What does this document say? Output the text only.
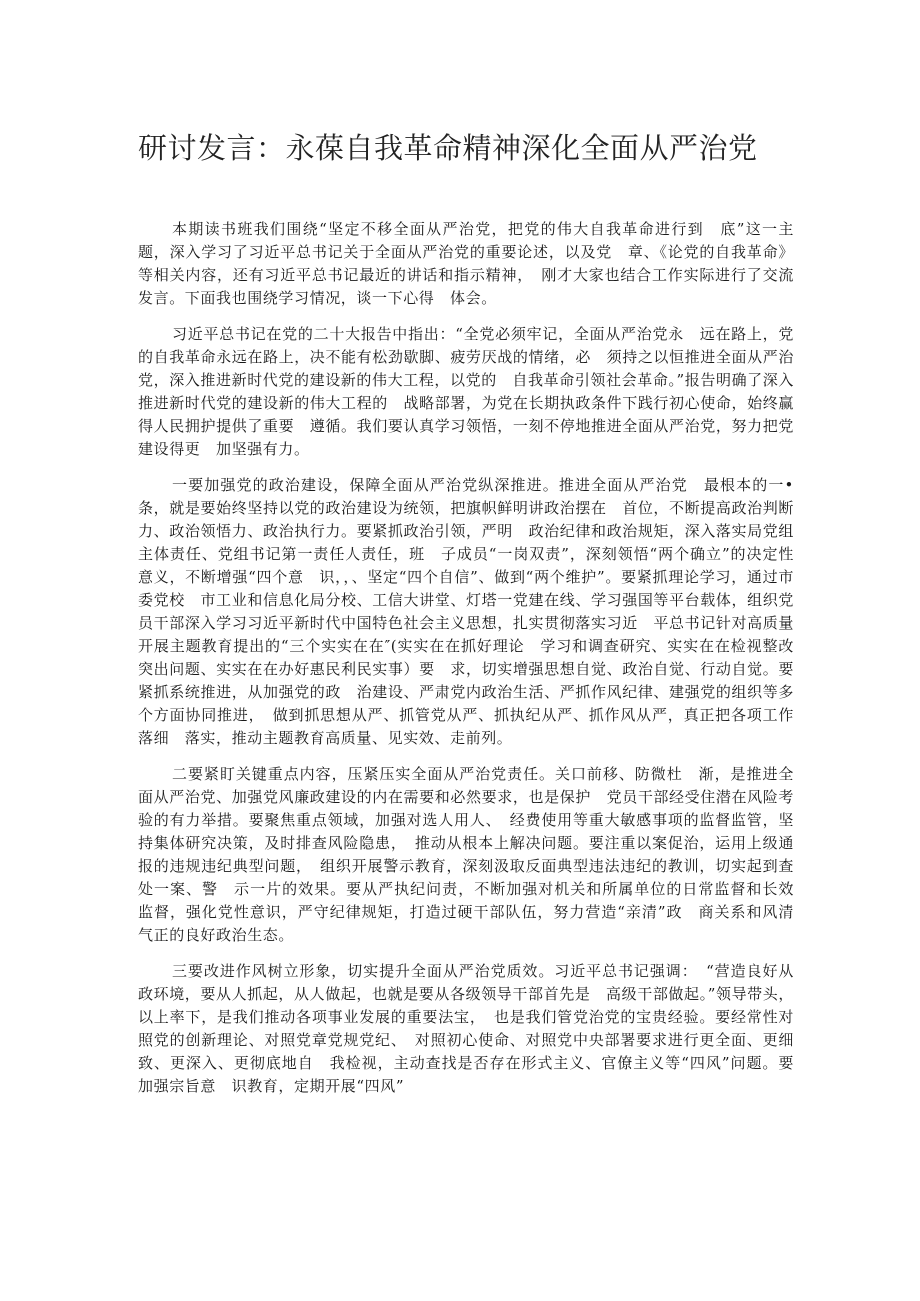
研讨发言：永葆自我革命精神深化全面从严治党

本期读书班我们围绕“坚定不移全面从严治党，把党的伟大自我革命进行到　底”这一主题，深入学习了习近平总书记关于全面从严治党的重要论述，以及党　章、《论党的自我革命》等相关内容，还有习近平总书记最近的讲话和指示精神，　刚才大家也结合工作实际进行了交流发言。下面我也围绕学习情况，谈一下心得　体会。

习近平总书记在党的二十大报告中指出：“全党必须牢记，全面从严治党永　远在路上，党的自我革命永远在路上，决不能有松劲歇脚、疲劳厌战的情绪，必　须持之以恒推进全面从严治党，深入推进新时代党的建设新的伟大工程，以党的　自我革命引领社会革命。”报告明确了深入推进新时代党的建设新的伟大工程的　战略部署，为党在长期执政条件下践行初心使命，始终赢得人民拥护提供了重要　遵循。我们要认真学习领悟，一刻不停地推进全面从严治党，努力把党建设得更　加坚强有力。

一要加强党的政治建设，保障全面从严治党纵深推进。推进全面从严治党　最根本的一•条，就是要始终坚持以党的政治建设为统领，把旗帜鲜明讲政治摆在　首位，不断提高政治判断力、政治领悟力、政治执行力。要紧抓政治引领，严明　政治纪律和政治规矩，深入落实局党组主体责任、党组书记第一责任人责任，班　子成员“一岗双责”，深刻领悟“两个确立”的决定性意义，不断增强“四个意　识，，、坚定“四个自信”、做到“两个维护”。要紧抓理论学习，通过市委党校　市工业和信息化局分校、工信大讲堂、灯塔一党建在线、学习强国等平台载体，组织党员干部深入学习习近平新时代中国特色社会主义思想，扎实贯彻落实习近　平总书记针对高质量开展主题教育提出的“三个实实在在″(实实在在抓好理论　学习和调查研究、实实在在检视整改突出问题、实实在在办好惠民利民实事）要　求，切实增强思想自觉、政治自觉、行动自觉。要紧抓系统推进，从加强党的政　治建设、严肃党内政治生活、严抓作风纪律、建强党的组织等多个方面协同推进，　做到抓思想从严、抓管党从严、抓执纪从严、抓作风从严，真正把各项工作落细　落实，推动主题教育高质量、见实效、走前列。

二要紧盯关键重点内容，压紧压实全面从严治党责任。关口前移、防微杜　渐，是推进全面从严治党、加强党风廉政建设的内在需要和必然要求，也是保护　党员干部经受住潜在风险考验的有力举措。要聚焦重点领域，加强对选人用人、　经费使用等重大敏感事项的监督监管，坚持集体研究决策，及时排查风险隐患，　推动从根本上解决问题。要注重以案促治，运用上级通报的违规违纪典型问题，　组织开展警示教育，深刻汲取反面典型违法违纪的教训，切实起到查处一案、警　示一片的效果。要从严执纪问责，不断加强对机关和所属单位的日常监督和长效　监督，强化党性意识，严守纪律规矩，打造过硬干部队伍，努力营造“亲清”政　商关系和风清气正的良好政治生态。

三要改进作风树立形象，切实提升全面从严治党质效。习近平总书记强调：　“营造良好从政环境，要从人抓起，从人做起，也就是要从各级领导干部首先是　高级干部做起。”领导带头，以上率下，是我们推动各项事业发展的重要法宝，　也是我们管党治党的宝贵经验。要经常性对照党的创新理论、对照党章党规党纪、　对照初心使命、对照党中央部署要求进行更全面、更细致、更深入、更彻底地自　我检视，主动查找是否存在形式主义、官僚主义等“四风”问题。要加强宗旨意　识教育，定期开展“四风”
